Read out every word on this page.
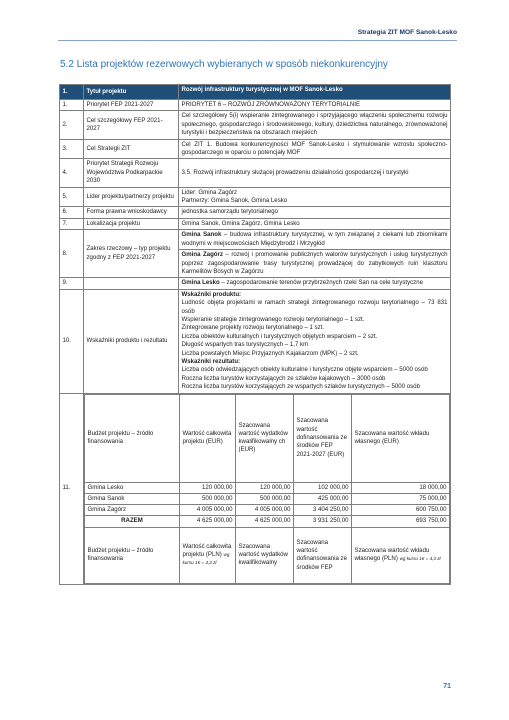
Strategia ZIT MOF Sanok-Lesko
5.2 Lista projektów rezerwowych wybieranych w sposób niekonkurencyjny
1.	Tytuł projektu	Rozwój infrastruktury turystycznej w MOF Sanok-Lesko
1.	Priorytet FEP 2021-2027	PRIORYTET 6 – ROZWÓJ ZRÓWNOWAŻONY TERYTORIALNIE
2.	Cel szczegółowy FEP 2021-2027	Cel szczegółowy 5(i) wspieranie zintegrowanego i sprzyjającego włączeniu społecznemu rozwoju społecznego, gospodarczego i środowiskowego, kultury, dziedzictwa naturalnego, zrównoważonej turystyki i bezpieczeństwa na obszarach miejskich
3.	Cel Strategii ZIT	Cel ZIT 1. Budowa konkurencyjności MOF Sanok-Lesko i stymulowanie wzrostu społeczno-gospodarczego w oparciu o potencjały MOF
4.	Priorytet Strategii Rozwoju Województwa Podkarpackie 2030	3.5. Rozwój infrastruktury służącej prowadzeniu działalności gospodarczej i turystyki
5.	Lider projektu/partnerzy projektu	
Lider: Gmina Zagórz
Partnerzy: Gmina Sanok, Gmina Lesko

6.	Forma prawna wnioskodawcy	jednostka samorządu terytorialnego
7.	Lokalizacja projektu	Gmina Sanok, Gmina Zagórz, Gmina Lesko
8.	Zakres rzeczowy – typ projektu zgodny z FEP 2021-2027	Gmina Sanok – budowa infrastruktury turystycznej, w tym związanej z ciekami lub zbiornikami wodnymi w miejscowościach Międzybrodź i Mrzygłód
Gmina Zagórz – rozwój i promowanie publicznych walorów turystycznych i usług turystycznych poprzez zagospodarowanie trasy turystycznej prowadzącej do zabytkowych ruin klasztoru Karmelitów Bosych w Zagórzu
9.		Gmina Lesko – zagospodarowanie terenów przybrzeżnych rzeki San na cele turystyczne
10.	Wskaźniki produktu i rezultatu	
Wskaźniki produktu:
Ludność objęta projektami w ramach strategii zintegrowanego rozwoju terytorialnego – 73 831 osób
Wspieranie strategie zintegrowanego rozwoju terytorialnego – 1 szt.
Zintegrowane projekty rozwoju terytorialnego – 1 szt.
Liczba obiektów kulturalnych i turystycznych objętych wsparciem – 2 szt.
Długość wspartych tras turystycznych – 1,7 km
Liczba powstałych Miejsc Przyjaznych Kajakarzom (MPK) – 2 szt.
Wskaźniki rezultatu:
Liczba osób odwiedzających obiekty kulturalne i turystyczne objęte wsparciem – 5000 osób
Roczna liczba turystów korzystających ze szlaków kajakowych – 3000 osób
Roczna liczba turystów korzystających ze wspartych szlaków turystycznych – 5000 osób

11.	
Budżet projektu – źródło finansowania	Wartość całkowita projektu (EUR)	Szacowana wartość wydatków kwalifikowalny ch (EUR)	Szacowana wartość dofinansowania ze środków FEP 2021-2027 (EUR)	Szacowana wartość wkładu własnego (EUR)
Gmina Lesko	120 000,00	120 000,00	102 000,00	18 000,00
Gmina Sanok	500 000,00	500 000,00	425 000,00	75 000,00
Gmina Zagórz	4 005 000,00	4 005 000,00	3 404 250,00	600 750,00
RAZEM	4 625 000,00	4 625 000,00	3 931 250,00	693 750,00
Budżet projektu – źródło finansowania	Wartość całkowita projektu (PLN) wg kursu 1€ = 4,3 zł	Szacowana wartość wydatków kwalifikowalny	Szacowana wartość dofinansowania ze środków FEP	Szacowana wartość wkładu własnego (PLN) wg kursu 1€ = 4,3 zł
71
